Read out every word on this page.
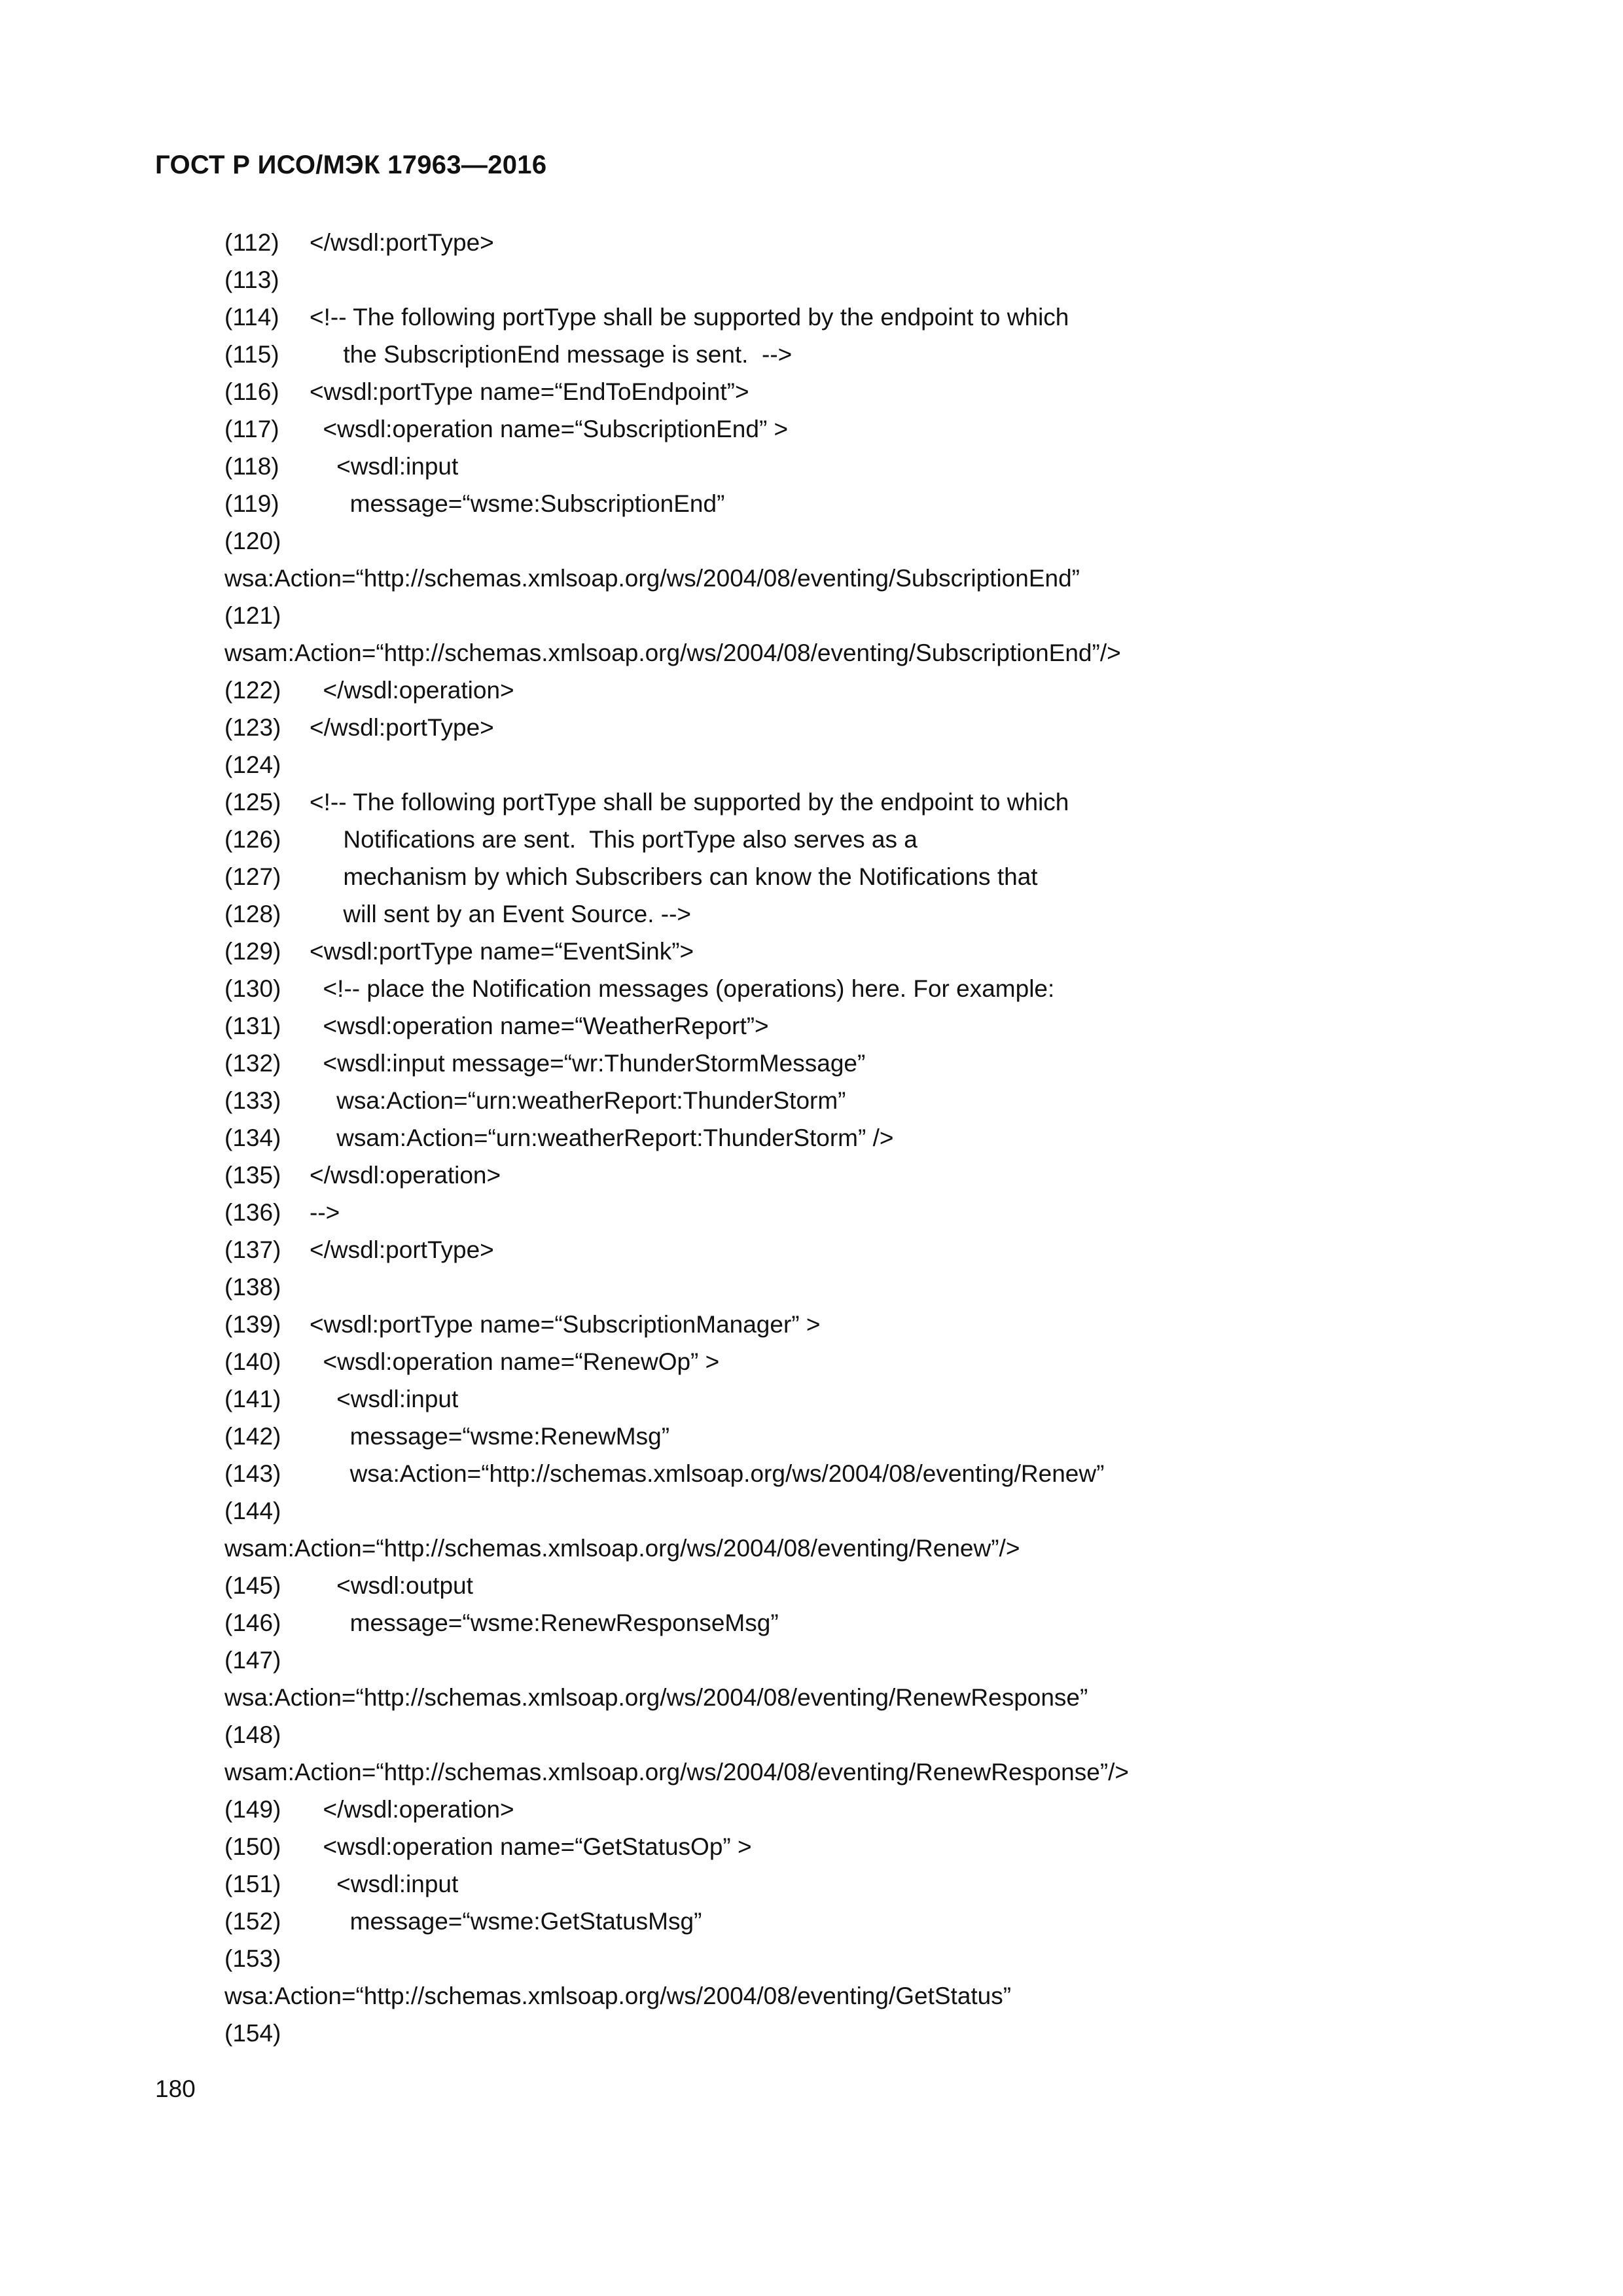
ГОСТ Р ИСО/МЭК 17963—2016
(112) </wsdl:portType>
(113)
(114) <!-- The following portType shall be supported by the endpoint to which
(115)     the SubscriptionEnd message is sent.  -->
(116) <wsdl:portType name=“EndToEndpoint”>
(117)  <wsdl:operation name=“SubscriptionEnd” >
(118)    <wsdl:input
(119)      message=“wsme:SubscriptionEnd”
(120)
wsa:Action=“http://schemas.xmlsoap.org/ws/2004/08/eventing/SubscriptionEnd”
(121)
wsam:Action=“http://schemas.xmlsoap.org/ws/2004/08/eventing/SubscriptionEnd”/>
(122)  </wsdl:operation>
(123) </wsdl:portType>
(124)
(125) <!-- The following portType shall be supported by the endpoint to which
(126)     Notifications are sent.  This portType also serves as a
(127)     mechanism by which Subscribers can know the Notifications that
(128)     will sent by an Event Source. -->
(129) <wsdl:portType name=“EventSink”>
(130)  <!-- place the Notification messages (operations) here. For example:
(131)  <wsdl:operation name=“WeatherReport”>
(132)  <wsdl:input message=“wr:ThunderStormMessage”
(133)    wsa:Action=“urn:weatherReport:ThunderStorm”
(134)    wsam:Action=“urn:weatherReport:ThunderStorm” />
(135) </wsdl:operation>
(136) -->
(137) </wsdl:portType>
(138)
(139) <wsdl:portType name=“SubscriptionManager” >
(140)  <wsdl:operation name=“RenewOp” >
(141)    <wsdl:input
(142)      message=“wsme:RenewMsg”
(143)      wsa:Action=“http://schemas.xmlsoap.org/ws/2004/08/eventing/Renew”
(144)
wsam:Action=“http://schemas.xmlsoap.org/ws/2004/08/eventing/Renew”/>
(145)    <wsdl:output
(146)      message=“wsme:RenewResponseMsg”
(147)
wsa:Action=“http://schemas.xmlsoap.org/ws/2004/08/eventing/RenewResponse”
(148)
wsam:Action=“http://schemas.xmlsoap.org/ws/2004/08/eventing/RenewResponse”/>
(149)  </wsdl:operation>
(150)  <wsdl:operation name=“GetStatusOp” >
(151)    <wsdl:input
(152)      message=“wsme:GetStatusMsg”
(153)
wsa:Action=“http://schemas.xmlsoap.org/ws/2004/08/eventing/GetStatus”
(154)

180
